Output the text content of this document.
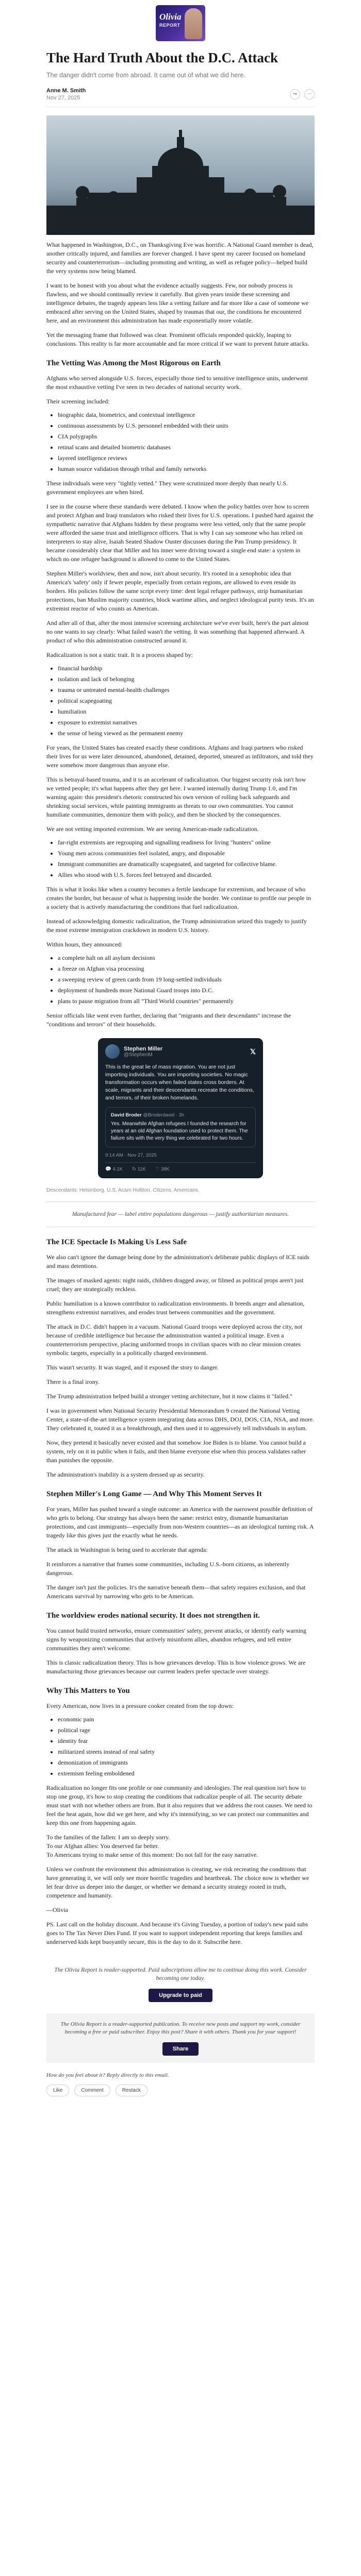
Olivia
REPORT
The Hard Truth About the D.C. Attack
The danger didn't come from abroad. It came out of what we did here.
Anne M. Smith
Nov 27, 2025
↪	⋯

What happened in Washington, D.C., on Thanksgiving Eve was horrific. A National Guard member is dead, another critically injured, and families are forever changed. I have spent my career focused on homeland security and counterterrorism—including promoting and writing, as well as refugee policy—helped build the very systems now being blamed.

I want to be honest with you about what the evidence actually suggests. Few, nor nobody process is flawless, and we should continually review it carefully. But given years inside these screening and intelligence debates, the tragedy appears less like a vetting failure and far more like a case of someone we embraced after serving on the United States, shaped by traumas that our, the conditions he encountered here, and an environment this administration has made exponentially more volatile.

Yet the messaging frame that followed was clear. Prominent officials responded quickly, leaping to conclusions. This reality is far more accountable and far more critical if we want to prevent future attacks.

The Vetting Was Among the Most Rigorous on Earth

Afghans who served alongside U.S. forces, especially those tied to sensitive intelligence units, underwent the most exhaustive vetting I've seen in two decades of national security work.

Their screening included:

• biographic data, biometrics, and contextual intelligence
• continuous assessments by U.S. personnel embedded with their units
• CIA polygraphs
• retinal scans and detailed biometric databases
• layered intelligence reviews
• human source validation through tribal and family networks

These individuals were very "tightly vetted." They were scrutinized more deeply than nearly U.S. government employees are when hired.

I see in the course where these standards were debated. I know when the policy battles over how to screen and protect Afghan and Iraqi translators who risked their lives for U.S. operations. I pushed hard against the sympathetic narrative that Afghans hidden by these programs were less vetted, only that the same people were afforded the same trust and intelligence officers. That is why I can say someone who has relied on interpreters to stay alive, Isaiah Seated Shadow Ouster discusses during the Pan Trump presidency. It became considerably clear that Miller and his inner were driving toward a single end state: a system in which no one refugee background is allowed to come to the United States.

Stephen Miller's worldview, then and now, isn't about security. It's rooted in a xenophobic idea that America's 'safety' only if fewer people, especially from certain regions, are allowed to even reside its borders. His policies follow the same script every time: dent legal refugee pathways, strip humanitarian protections, ban Muslim majority countries, block wartime allies, and neglect ideological purity tests. It's an extremist reactor of who counts as American.

And after all of that, after the most intensive screening architecture we've ever built, here's the part almost no one wants to say clearly: What failed wasn't the vetting. It was something that happened afterward. A product of who this administration constructed around it.

Radicalization is not a static trait. It is a process shaped by:

• financial hardship
• isolation and lack of belonging
• trauma or untreated mental-health challenges
• political scapegoating
• humiliation
• exposure to extremist narratives
• the sense of being viewed as the permanent enemy

For years, the United States has created exactly these conditions. Afghans and Iraqi partners who risked their lives for us were later denounced, abandoned, detained, deported, smeared as infiltrators, and told they were somehow more dangerous than anyone else.

This is betrayal-based trauma, and it is an accelerant of radicalization. Our biggest security risk isn't how we vetted people; it's what happens after they get here. I warned internally during Trump 1.0, and I'm warning again: this president's rhetoric constructed his own version of rolling back safeguards and shrinking social services, while painting immigrants as threats to our own communities. You cannot humiliate communities, demonize them with policy, and then be shocked by the consequences.

We are not vetting imported extremism. We are seeing American-made radicalization.

• far-right extremists are regrouping and signalling readiness for living "hunters" online
• Young men across communities feel isolated, angry, and disposable
• Immigrant communities are dramatically scapegoated, and targeted for collective blame.
• Allies who stood with U.S. forces feel betrayed and discarded.

This is what it looks like when a country becomes a fertile landscape for extremism, and because of who creates the border, but because of what is happening inside the border. We continue to profile our people in a society that is actively manufacturing the conditions that fuel radicalization.

Instead of acknowledging domestic radicalization, the Trump administration seized this tragedy to justify the most extreme immigration crackdown in modern U.S. history.

Within hours, they announced:

• a complete halt on all asylum decisions
• a freeze on Afghan visa processing
• a sweeping review of green cards from 19 long-settled individuals
• deployment of hundreds more National Guard troops into D.C.
• plans to pause migration from all "Third World countries" permanently

Senior officials like went even further, declaring that "migrants and their descendants" increase the "conditions and terrors" of their households.

Stephen Miller
@StephenM	𝕏
This is the great lie of mass migration. You are not just importing individuals. You are importing societies. No magic transformation occurs when failed states cross borders. At scale, migrants and their descendants recreate the conditions, and terrors, of their broken homelands.
David Broder @Broderdavid · 3h
Yes. Meanwhile Afghan refugees I founded the research for years at an old Afghan foundation used to protect them. The failure sits with the very thing we celebrated for two hours.
9:14 AM · Nov 27, 2025
💬 4.1K ↻ 11K ♡ 38K
Descendants: Helsinborg, U.S. Acam Holliton, Citizens, Americans.
Manufactured fear — label entire populations dangerous — justify authoritarian measures.
The ICE Spectacle Is Making Us Less Safe

We also can't ignore the damage being done by the administration's deliberate public displays of ICE raids and mass detentions.

The images of masked agents: night raids, children dragged away, or filmed as political props aren't just cruel; they are strategically reckless.

Public humiliation is a known contributor to radicalization environments. It breeds anger and alienation, strengthens extremist narratives, and erodes trust between communities and the government.

The attack in D.C. didn't happen in a vacuum. National Guard troops were deployed across the city, not because of credible intelligence but because the administration wanted a political image. Even a counterterrorism perspective, placing uniformed troops in civilian spaces with no clear mission creates symbolic targets, especially in a politically charged environment.

This wasn't security. It was staged, and it exposed the story to danger.

There is a final irony.

The Trump administration helped build a stronger vetting architecture, but it now claims it "failed."

I was in government when National Security Presidential Memorandum 9 created the National Vetting Center, a state-of-the-art intelligence system integrating data across DHS, DOJ, DOS, CIA, NSA, and more. They celebrated it, touted it as a breakthrough, and then used it to aggressively tell individuals in asylum.

Now, they pretend it basically never existed and that somehow Joe Biden is to blame. You cannot build a system, rely on it in public when it fails, and then blame everyone else when this process validates rather than punishes the opposite.

The administration's inability is a system dressed up as security.

Stephen Miller's Long Game — And Why This Moment Serves It

For years, Miller has pushed toward a single outcome: an America with the narrowest possible definition of who gets to belong. Our strategy has always been the same: restrict entry, dismantle humanitarian protections, and cast immigrants—especially from non-Western countries—as an ideological turning risk. A tragedy like this gives just the exactly what he needs.

The attack in Washington is being used to accelerate that agenda:

It reinforces a narrative that frames some communities, including U.S.-born citizens, as inherently dangerous.

The danger isn't just the policies. It's the narrative beneath them—that safety requires exclusion, and that Americans survival by narrowing who gets to be American.

The worldview erodes national security. It does not strengthen it.

You cannot build trusted networks, ensure communities' safety, prevent attacks, or identify early warning signs by weaponizing communities that actively misinform allies, abandon refugees, and tell entire communities they aren't welcome.

This is classic radicalization theory. This is how grievances develop. This is how violence grows. We are manufacturing those grievances because our current leaders prefer spectacle over strategy.

Why This Matters to You

Every American, now lives in a pressure cooker created from the top down:

• economic pain
• political rage
• identity fear
• militarized streets instead of real safety
• demonization of immigrants
• extremism feeling emboldened

Radicalization no longer fits one profile or one community and ideologies. The real question isn't how to stop one group, it's how to stop creating the conditions that radicalize people of all. The security debate must start with not whether others are from. But it also requires that we address the root causes. We need to feel the heat again, how did we get here, and why it's intensifying, so we can protect our communities and keep this one from happening again.

To the families of the fallen: I am so deeply sorry.
To our Afghan allies: You deserved far better.
To Americans trying to make sense of this moment: Do not fall for the easy narrative.

Unless we confront the environment this administration is creating, we risk recreating the conditions that have generating it, we will only see more horrific tragedies and heartbreak. The choice now is whether we let fear drive us deeper into the danger, or whether we demand a security strategy rooted in truth, competence and humanity.

—Olivia

PS. Last call on the holiday discount. And because it's Giving Tuesday, a portion of today's new paid subs goes to The Tax Never Dies Fund. If you want to support independent reporting that keeps families and underserved kids kept buoyantly secure, this is the day to do it. Subscribe here.

The Olivia Report is reader-supported. Paid subscriptions allow me to continue doing this work. Consider becoming one today.
Upgrade to paid
The Olivia Report is a reader-supported publication. To receive new posts and support my work, consider becoming a free or paid subscriber. Enjoy this post? Share it with others. Thank you for your support!
Share
How do you feel about it? Reply directly to this email.
Like	Comment	Restack
